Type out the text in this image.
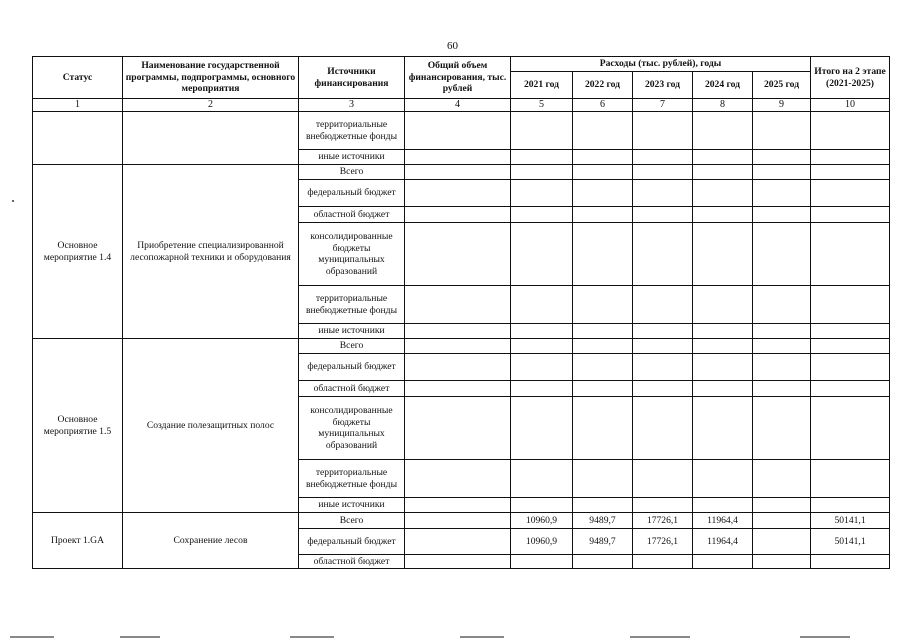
60
Статус	Наименование государственной программы, подпрограммы, основного мероприятия	Источники финансирования	Общий объем финансирования, тыс. рублей	Расходы (тыс. рублей), годы					Итого на 2 этапе (2021-2025)
				2021 год	2022 год	2023 год	2024 год	2025 год	
1	2	3	4	5	6	7	8	9	10
		территориальные внебюджетные фонды							
		иные источники							
Основное мероприятие 1.4	Приобретение специализированной лесопожарной техники и оборудования	Всего							
		федеральный бюджет							
		областной бюджет							
		консолидированные бюджеты муниципальных образований							
		территориальные внебюджетные фонды							
		иные источники							
Основное мероприятие 1.5	Создание полезащитных полос	Всего							
		федеральный бюджет							
		областной бюджет							
		консолидированные бюджеты муниципальных образований							
		территориальные внебюджетные фонды							
		иные источники							
Проект 1.GA	Сохранение лесов	Всего		10960,9	9489,7	17726,1	11964,4		50141,1
		федеральный бюджет		10960,9	9489,7	17726,1	11964,4		50141,1
		областной бюджет							
